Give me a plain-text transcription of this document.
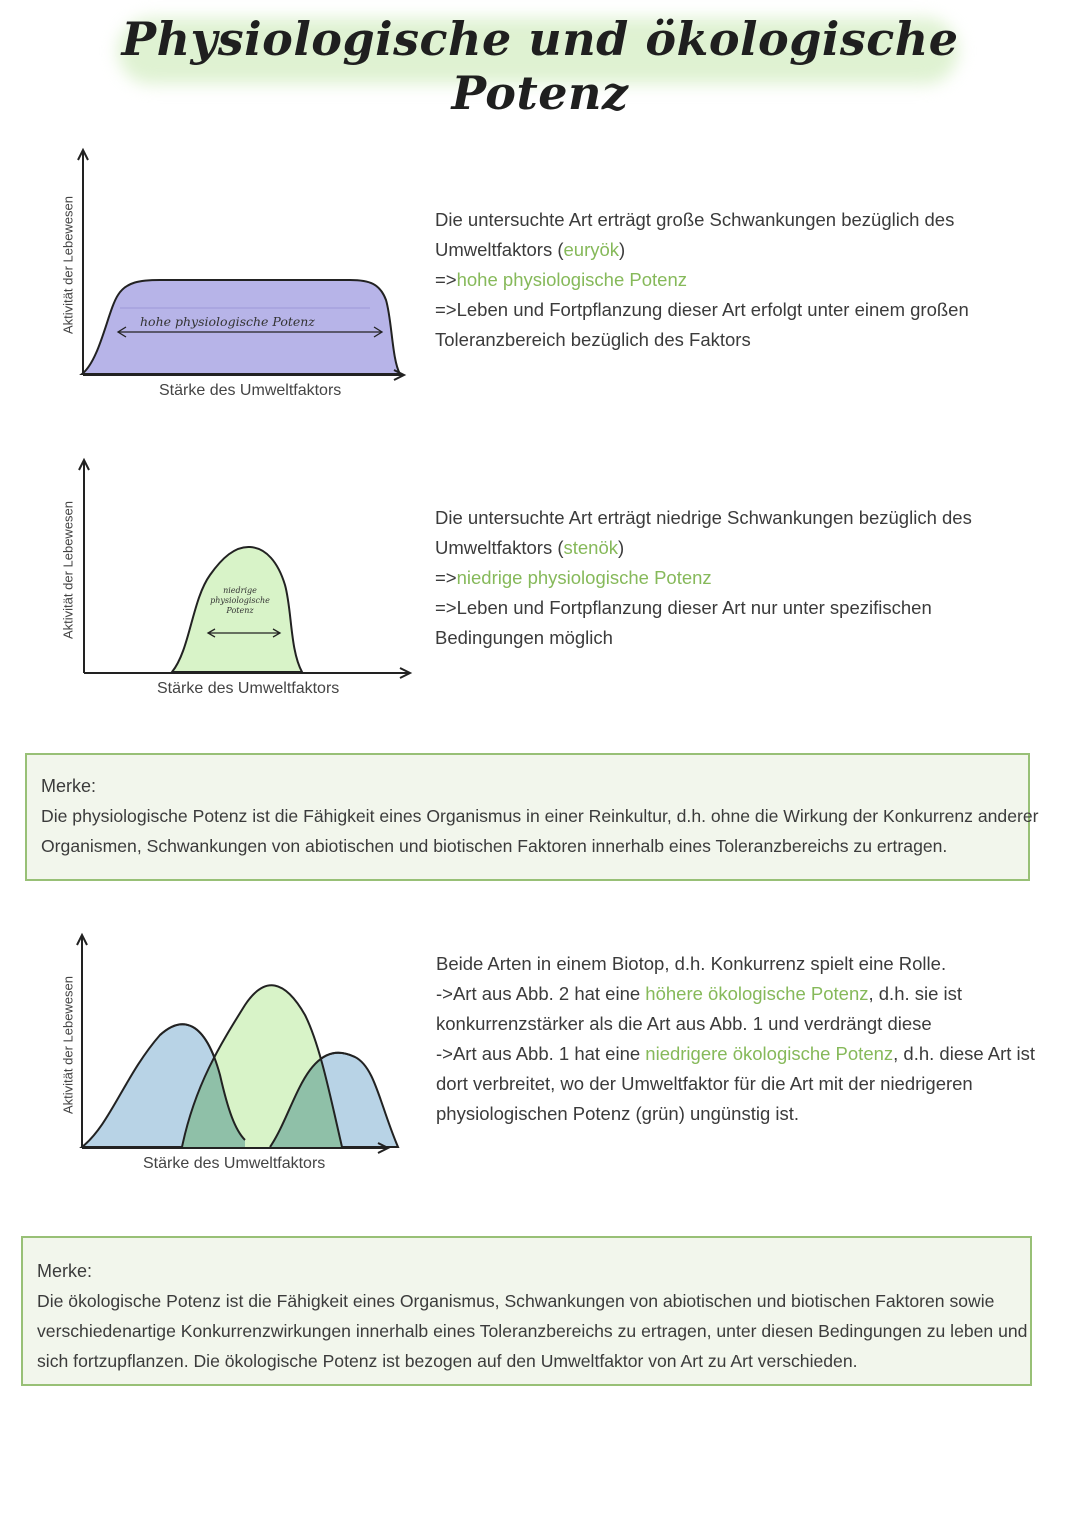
Physiologische und ökologische Potenz
Aktivität der Lebewesen	hohe physiologische Potenz
Stärke des Umweltfaktors
Die untersuchte Art erträgt große Schwankungen bezüglich des
Umweltfaktors (euryök)
=>hohe physiologische Potenz
=>Leben und Fortpflanzung dieser Art erfolgt unter einem großen
Toleranzbereich bezüglich des Faktors
Aktivität der Lebewesen	niedrige
physiologische
Potenz
Stärke des Umweltfaktors
Die untersuchte Art erträgt niedrige Schwankungen bezüglich des
Umweltfaktors (stenök)
=>niedrige physiologische Potenz
=>Leben und Fortpflanzung dieser Art nur unter spezifischen
Bedingungen möglich
Merke:
Die physiologische Potenz ist die Fähigkeit eines Organismus in einer Reinkultur, d.h. ohne die Wirkung der Konkurrenz anderer
Organismen, Schwankungen von abiotischen und biotischen Faktoren innerhalb eines Toleranzbereichs zu ertragen.
Aktivität der Lebewesen
Stärke des Umweltfaktors
Beide Arten in einem Biotop, d.h. Konkurrenz spielt eine Rolle.
->Art aus Abb. 2 hat eine höhere ökologische Potenz, d.h. sie ist
konkurrenzstärker als die Art aus Abb. 1 und verdrängt diese
->Art aus Abb. 1 hat eine niedrigere ökologische Potenz, d.h. diese Art ist
dort verbreitet, wo der Umweltfaktor für die Art mit der niedrigeren
physiologischen Potenz (grün) ungünstig ist.
Merke:
Die ökologische Potenz ist die Fähigkeit eines Organismus, Schwankungen von abiotischen und biotischen Faktoren sowie
verschiedenartige Konkurrenzwirkungen innerhalb eines Toleranzbereichs zu ertragen, unter diesen Bedingungen zu leben und
sich fortzupflanzen. Die ökologische Potenz ist bezogen auf den Umweltfaktor von Art zu Art verschieden.
